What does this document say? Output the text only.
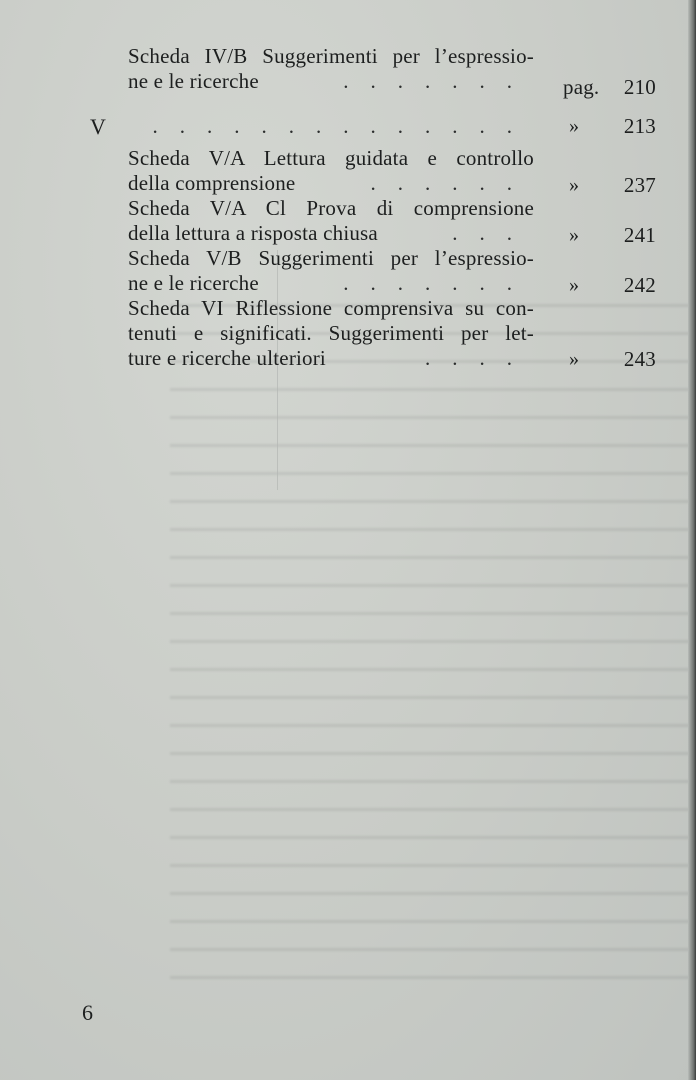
Scheda IV/B Suggerimenti per l’espressio-
ne e le ricerche	....... pag.	210
V	.............. »	213
Scheda V/A Lettura guidata e controllo
della comprensione	...... »	237
Scheda V/A Cl Prova di comprensione
della lettura a risposta chiusa	... »	241
Scheda V/B Suggerimenti per l’espressio-
ne e le ricerche	....... »	242
Scheda VI Riflessione comprensiva su con-
tenuti e significati. Suggerimenti per let-
ture e ricerche ulteriori	.... »	243
6
